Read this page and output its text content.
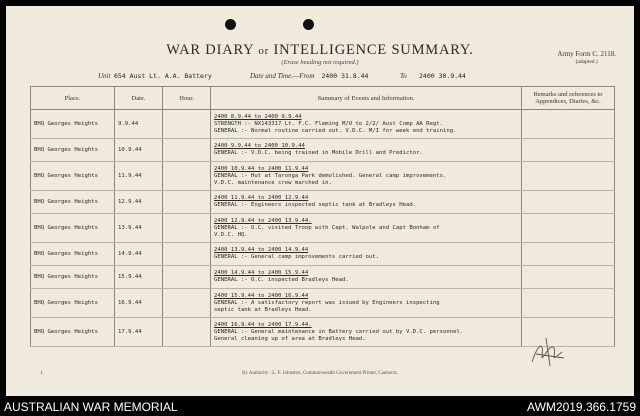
WAR DIARY or INTELLIGENCE SUMMARY.
(Erase heading not required.)
Army Form C. 2118.
(adapted.)
Unit 654 Aust Lt. A.A. Battery	Date and Time.—From 2400 31.8.44	To 2400 30.9.44
Place.	Date.	Hour.	Summary of Events and Information.	Remarks and references to Appendices, Diaries, &c.
BHQ Georges Heights	9.9.44		2400 8.9.44 to 2400 9.9.44
STRENGTH :- NX143317 Lt. F.C. Fleming M/O to 2/2/ Aust Comp AA Regt.
GENERAL :- Normal routine carried out. V.D.C. M/I for week end training.	

BHQ Georges Heights	10.9.44		2400 9.9.44 to 2400 10.9.44
GENERAL :- V.D.C. being trained in Mobile Drill and Predictor.	

BHQ Georges Heights	11.9.44		2400 10.9.44 to 2400 11.9.44
GENERAL :- Hut at Taronga Park demolished. General camp improvements.
V.D.C. maintenance crew marched in.	

BHQ Georges Heights	12.9.44		2400 11.9.44 to 2400 12.9.44
GENERAL :- Engineers inspected septic tank at Bradleys Head.	

BHQ Georges Heights	13.9.44		2400 12.9.44 to 2400 13.9.44.
GENERAL :- O.C. visited Troop with Capt. Walpole and Capt Bonham of
V.D.C. HQ.	

BHQ Georges Heights	14.9.44		2400 13.9.44 to 2400 14.9.44
GENERAL :- General camp improvements carried out.	

BHQ Georges Heights	15.9.44		2400 14.9.44 to 2400 15.9.44
GENERAL :- O.C. inspected Bradleys Head.	

BHQ Georges Heights	16.9.44		2400 15.9.44 to 2400 16.9.44
GENERAL :- A satisfactory report was issued by Engineers inspecting
septic tank at Bradleys Head.	

BHQ Georges Heights	17.9.44		2400 16.9.44 to 2400 17.9.44.
GENERAL :- General maintenance in Battery carried out by V.D.C. personnel.
General cleaning up of area at Bradleys Head.	

1.	By Authority : L. F. Johnston, Commonwealth Government Printer, Canberra.
AUSTRALIAN WAR MEMORIAL	AWM2019.366.1759
